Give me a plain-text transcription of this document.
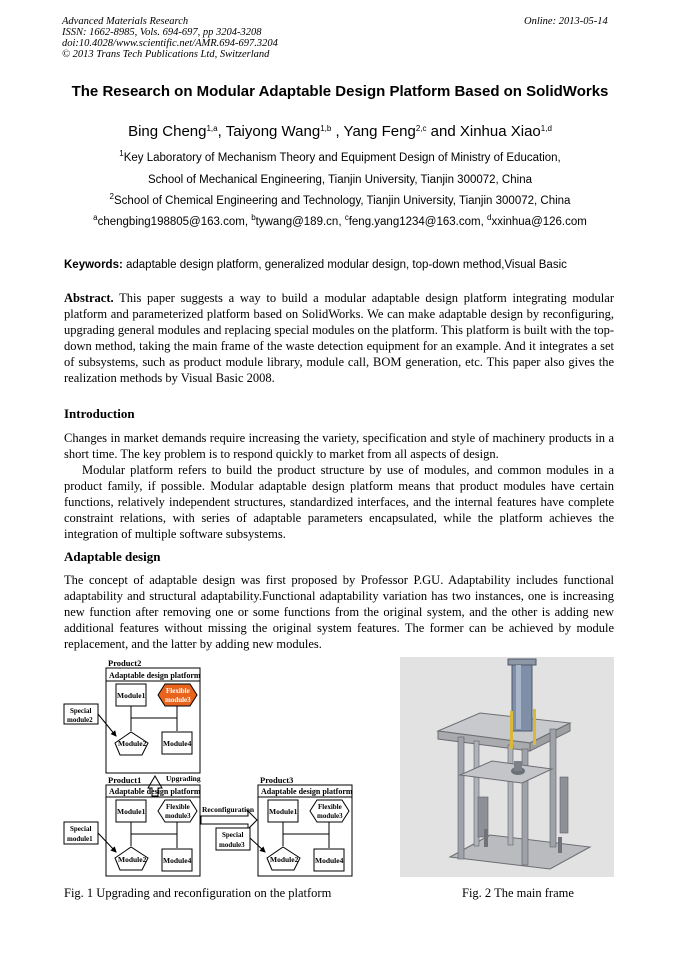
Advanced Materials Research
ISSN: 1662-8985, Vols. 694-697, pp 3204-3208
doi:10.4028/www.scientific.net/AMR.694-697.3204
© 2013 Trans Tech Publications Ltd, Switzerland
Online: 2013-05-14
The Research on Modular Adaptable Design Platform Based on SolidWorks
Bing Cheng$^{1,a}$, Taiyong Wang$^{1,b}$ , Yang Feng$^{2,c}$ and Xinhua Xiao$^{1,d}$
$^1$Key Laboratory of Mechanism Theory and Equipment Design of Ministry of Education,
School of Mechanical Engineering, Tianjin University, Tianjin 300072, China
$^2$School of Chemical Engineering and Technology, Tianjin University, Tianjin 300072, China
$^a$chengbing198805@163.com, $^b$tywang@189.cn, $^c$feng.yang1234@163.com, $^d$xxinhua@126.com
Keywords: adaptable design platform, generalized modular design, top-down method,Visual Basic
Abstract. This paper suggests a way to build a modular adaptable design platform integrating modular platform and parameterized platform based on SolidWorks. We can make adaptable design by reconfiguring, upgrading general modules and replacing special modules on the platform. This platform is built with the top-down method, taking the main frame of the waste detection equipment for an example. And it integrates a set of subsystems, such as product module library, module call, BOM generation, etc. This paper also gives the realization methods by Visual Basic 2008.
Introduction
Changes in market demands require increasing the variety, specification and style of machinery products in a short time. The key problem is to respond quickly to market from all aspects of design.
Modular platform refers to build the product structure by use of modules, and common modules in a product family, if possible. Modular adaptable design platform means that product modules have certain functions, relatively independent structures, standardized interfaces, and the internal features have complete constraint relations, with series of adaptable parameters encapsulated, while the platform achieves the integration of multiple software subsystems.
Adaptable design
The concept of adaptable design was first proposed by Professor P.GU. Adaptability includes functional adaptability and structural adaptability.Functional adaptability variation has two instances, one is increasing new function after removing one or some functions from the original system, and the other is adding new additional features without missing the original system features. The former can be achieved by module replacement, and the latter by adding new modules.
Product2
Adaptable design platform
Module1	Flexible
module3
Module2 Module4
Special
module2
Upgrading
Product1
Adaptable design platform
Module1	Flexible
module3
Module2 Module4
Special
module1
Reconfiguration
Special
module3
Product3
Adaptable design platform
Module1	Flexible
module3
Module2 Module4
Fig. 1 Upgrading and reconfiguration on the platform	Fig. 2 The main frame
